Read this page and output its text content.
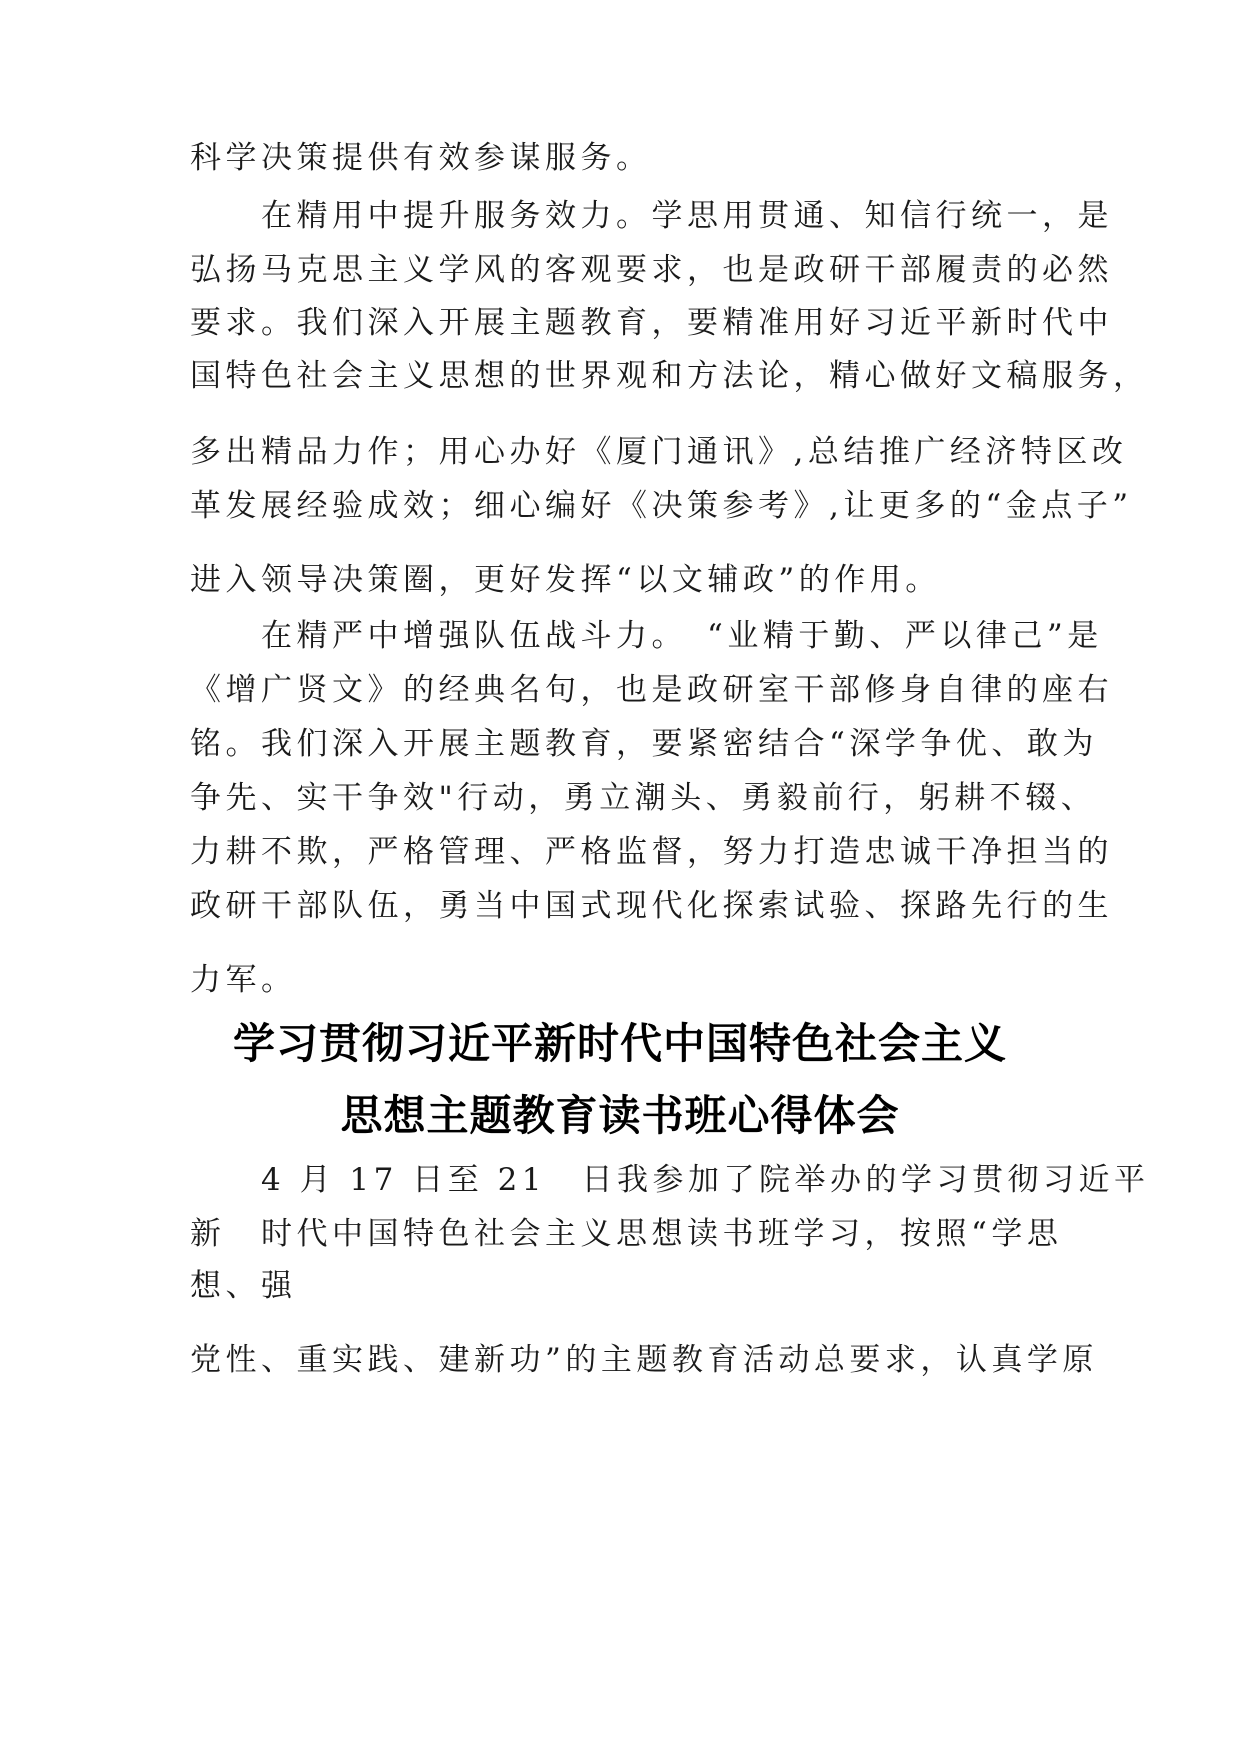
科学决策提供有效参谋服务。
　　在精用中提升服务效力。学思用贯通、知信行统一，是
弘扬马克思主义学风的客观要求，也是政研干部履责的必然
要求。我们深入开展主题教育，要精准用好习近平新时代中
国特色社会主义思想的世界观和方法论，精心做好文稿服务，
多出精品力作；用心办好《厦门通讯》,总结推广经济特区改
革发展经验成效；细心编好《决策参考》,让更多的“金点子”
进入领导决策圈，更好发挥“以文辅政”的作用。
　　在精严中增强队伍战斗力。　“业精于勤、严以律己”是
《增广贤文》的经典名句，也是政研室干部修身自律的座右
铭。我们深入开展主题教育，要紧密结合“深学争优、敢为
争先、实干争效"行动，勇立潮头、勇毅前行，躬耕不辍、
力耕不欺，严格管理、严格监督，努力打造忠诚干净担当的
政研干部队伍，勇当中国式现代化探索试验、探路先行的生
力军。
学习贯彻习近平新时代中国特色社会主义
思想主题教育读书班心得体会
　　4 月 17 日至 21　日我参加了院举办的学习贯彻习近平
新　时代中国特色社会主义思想读书班学习，按照“学思
想、强
党性、重实践、建新功”的主题教育活动总要求，认真学原
